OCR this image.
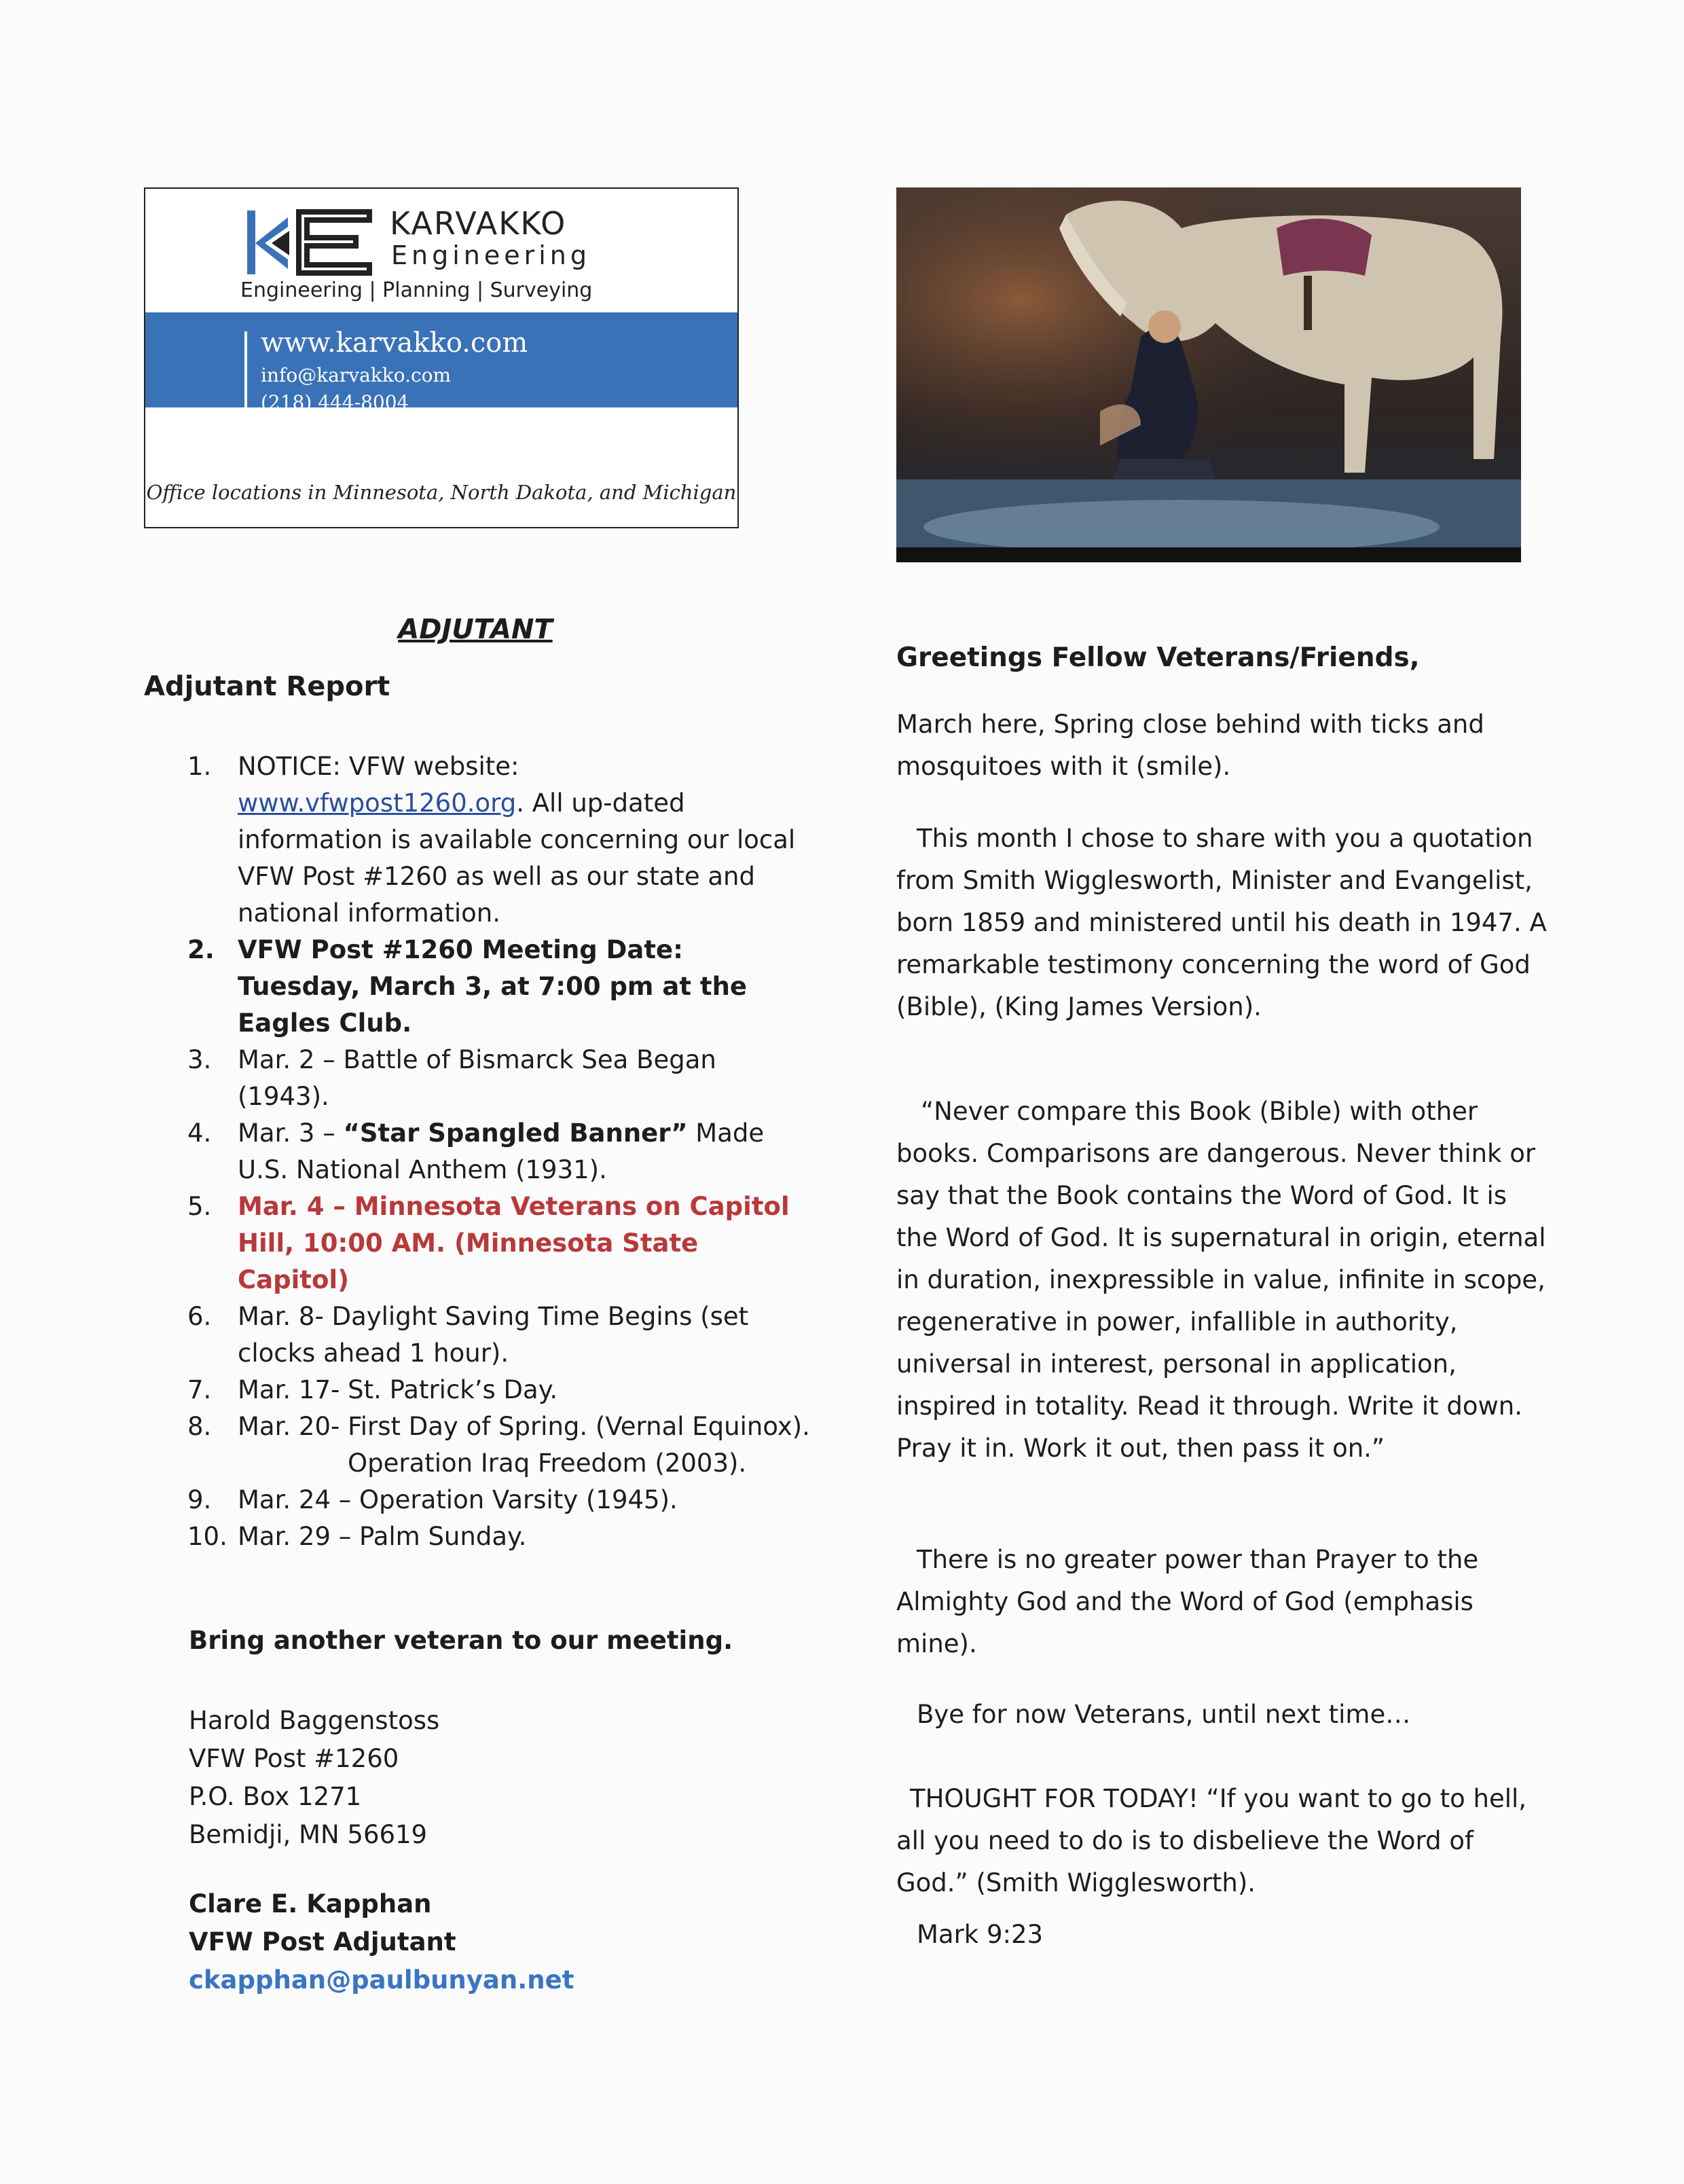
KARVAKKO
Engineering
Engineering | Planning | Surveying
www.karvakko.com
info@karvakko.com
(218) 444-8004
Office locations in Minnesota, North Dakota, and Michigan
ADJUTANT
Adjutant Report
1.	NOTICE: VFW website: www.vfwpost1260.org. All up-dated information is available concerning our local VFW Post #1260 as well as our state and national information.
2. VFW Post #1260 Meeting Date: Tuesday, March 3, at 7:00 pm at the Eagles Club.
3.	Mar. 2 – Battle of Bismarck Sea Began (1943).
4.	Mar. 3 – “Star Spangled Banner” Made U.S. National Anthem (1931).
5.	Mar. 4 – Minnesota Veterans on Capitol Hill, 10:00 AM. (Minnesota State Capitol)
6.	Mar. 8- Daylight Saving Time Begins (set clocks ahead 1 hour).
7.	Mar. 17- St. Patrick’s Day.
8.	Mar. 20- First Day of Spring. (Vernal Equinox).
Operation Iraq Freedom (2003).
9.	Mar. 24 – Operation Varsity (1945).
10. Mar. 29 – Palm Sunday.
Bring another veteran to our meeting.
Harold Baggenstoss
VFW Post #1260
P.O. Box 1271
Bemidji, MN 56619
Clare E. Kapphan
VFW Post Adjutant
ckapphan@paulbunyan.net
Greetings Fellow Veterans/Friends,
March here, Spring close behind with ticks and mosquitoes with it (smile).
This month I chose to share with you a quotation from Smith Wigglesworth, Minister and Evangelist, born 1859 and ministered until his death in 1947. A remarkable testimony concerning the word of God (Bible), (King James Version).
“Never compare this Book (Bible) with other books. Comparisons are dangerous. Never think or say that the Book contains the Word of God. It is the Word of God. It is supernatural in origin, eternal in duration, inexpressible in value, infinite in scope, regenerative in power, infallible in authority, universal in interest, personal in application, inspired in totality. Read it through. Write it down. Pray it in. Work it out, then pass it on.”
There is no greater power than Prayer to the Almighty God and the Word of God (emphasis mine).
Bye for now Veterans, until next time…
THOUGHT FOR TODAY! “If you want to go to hell, all you need to do is to disbelieve the Word of God.” (Smith Wigglesworth).
Mark 9:23
